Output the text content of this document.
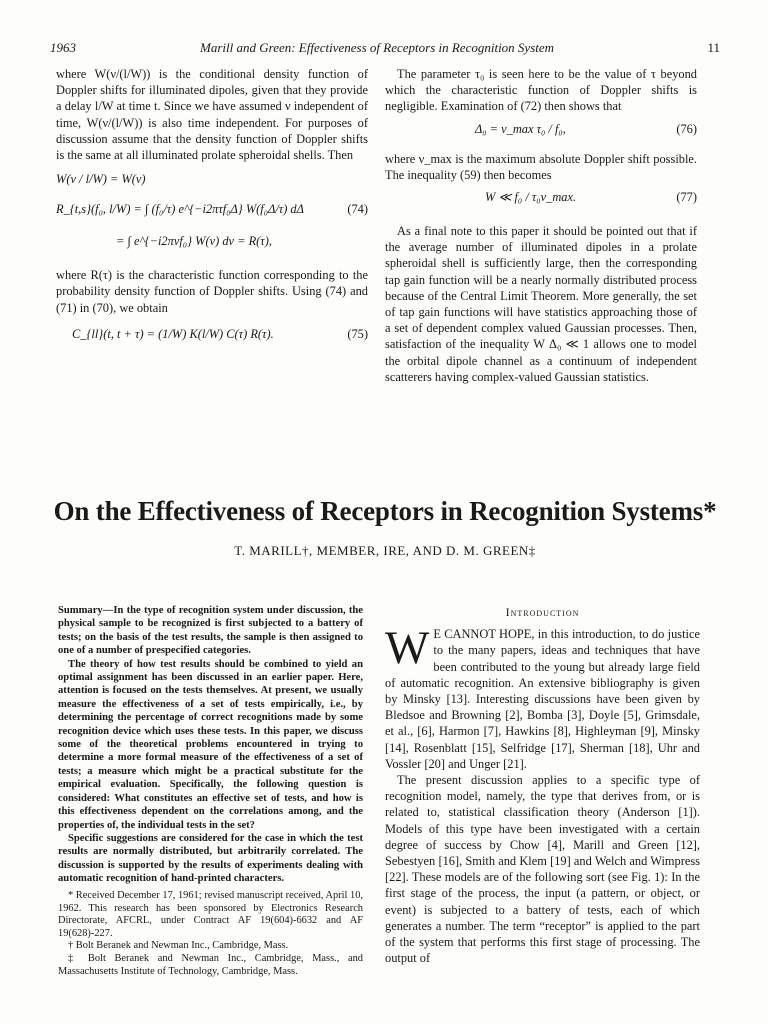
1963	Marill and Green: Effectiveness of Receptors in Recognition System	11

where W(ν/(l/W)) is the conditional density function of Doppler shifts for illuminated dipoles, given that they provide a delay l/W at time t. Since we have assumed ν independent of time, W(ν/(l/W)) is also time independent. For purposes of discussion assume that the density function of Doppler shifts is the same at all illuminated prolate spheroidal shells. Then

W(ν / l/W) = W(ν)
R_{t,s}(f₀, l/W) = ∫ (f₀/τ) e^{−i2πτf₀Δ} W(f₀Δ/τ) dΔ	(74)
= ∫ e^{−i2πνf₀} W(ν) dν = R(τ),

where R(τ) is the characteristic function corresponding to the probability density function of Doppler shifts. Using (74) and (71) in (70), we obtain

C_{ll}(t, t + τ) = (1/W) K(l/W) C(τ) R(τ).	(75)

The parameter τ₀ is seen here to be the value of τ beyond which the characteristic function of Doppler shifts is negligible. Examination of (72) then shows that

Δ₀ = ν_max τ₀ / f₀,	(76)

where ν_max is the maximum absolute Doppler shift possible. The inequality (59) then becomes

W ≪ f₀ / τ₀ν_max.	(77)

As a final note to this paper it should be pointed out that if the average number of illuminated dipoles in a prolate spheroidal shell is sufficiently large, then the corresponding tap gain function will be a nearly normally distributed process because of the Central Limit Theorem. More generally, the set of tap gain functions will have statistics approaching those of a set of dependent complex valued Gaussian processes. Then, satisfaction of the inequality W Δ₀ ≪ 1 allows one to model the orbital dipole channel as a continuum of independent scatterers having complex-valued Gaussian statistics.

On the Effectiveness of Receptors in Recognition Systems*
T. MARILL†, MEMBER, IRE, AND D. M. GREEN‡

Summary—In the type of recognition system under discussion, the physical sample to be recognized is first subjected to a battery of tests; on the basis of the test results, the sample is then assigned to one of a number of prespecified categories.

The theory of how test results should be combined to yield an optimal assignment has been discussed in an earlier paper. Here, attention is focused on the tests themselves. At present, we usually measure the effectiveness of a set of tests empirically, i.e., by determining the percentage of correct recognitions made by some recognition device which uses these tests. In this paper, we discuss some of the theoretical problems encountered in trying to determine a more formal measure of the effectiveness of a set of tests; a measure which might be a practical substitute for the empirical evaluation. Specifically, the following question is considered: What constitutes an effective set of tests, and how is this effectiveness dependent on the correlations among, and the properties of, the individual tests in the set?

Specific suggestions are considered for the case in which the test results are normally distributed, but arbitrarily correlated. The discussion is supported by the results of experiments dealing with automatic recognition of hand-printed characters.

* Received December 17, 1961; revised manuscript received, April 10, 1962. This research has been sponsored by Electronics Research Directorate, AFCRL, under Contract AF 19(604)-6632 and AF 19(628)-227.

† Bolt Beranek and Newman Inc., Cambridge, Mass.

‡ Bolt Beranek and Newman Inc., Cambridge, Mass., and Massachusetts Institute of Technology, Cambridge, Mass.

Introduction

W E CANNOT HOPE, in this introduction, to do justice to the many papers, ideas and techniques that have been contributed to the young but already large field of automatic recognition. An extensive bibliography is given by Minsky [13]. Interesting discussions have been given by Bledsoe and Browning [2], Bomba [3], Doyle [5], Grimsdale, et al., [6], Harmon [7], Hawkins [8], Highleyman [9], Minsky [14], Rosenblatt [15], Selfridge [17], Sherman [18], Uhr and Vossler [20] and Unger [21].

The present discussion applies to a specific type of recognition model, namely, the type that derives from, or is related to, statistical classification theory (Anderson [1]). Models of this type have been investigated with a certain degree of success by Chow [4], Marill and Green [12], Sebestyen [16], Smith and Klem [19] and Welch and Wimpress [22]. These models are of the following sort (see Fig. 1): In the first stage of the process, the input (a pattern, or object, or event) is subjected to a battery of tests, each of which generates a number. The term “receptor” is applied to the part of the system that performs this first stage of processing. The output of
